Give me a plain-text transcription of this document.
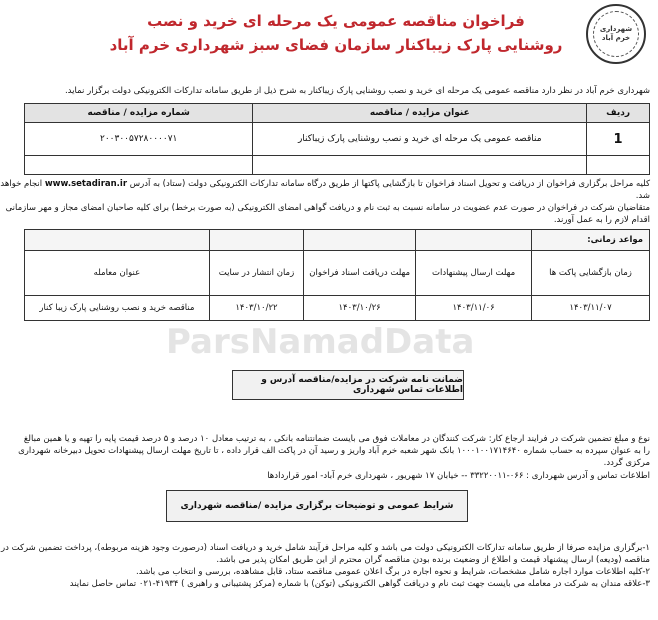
شهرداری خرم آباد
فراخوان مناقصه عمومی یک مرحله ای خرید و نصب
روشنایی پارک زیباکنار سازمان فضای سبز شهرداری خرم آباد
شهرداری خرم آباد در نظر دارد مناقصه عمومی یک مرحله ای خرید و نصب روشنایی پارک زیباکنار به شرح ذیل از طریق سامانه تدارکات الکترونیکی دولت برگزار نماید.
ردیف	عنوان مزایده / مناقصه	شماره مزایده / مناقصه
1	مناقصه عمومی یک مرحله ای خرید و نصب روشنایی پارک زیباکنار	۲۰۰۳۰۰۵۷۲۸۰۰۰۰۷۱

کلیه مراحل برگزاری فراخوان از دریافت و تحویل اسناد فراخوان تا بازگشایی پاکتها از طریق درگاه سامانه تدارکات الکترونیکی دولت (ستاد) به آدرس www.setadiran.ir انجام خواهد
شد.
متقاضیان شرکت در فراخوان در صورت عدم عضویت در سامانه نسبت به ثبت نام و دریافت گواهی امضای الکترونیکی (به صورت برخط) برای کلیه صاحبان امضای مجاز و مهر سازمانی
اقدام لازم را به عمل آورند.
مواعد زمانی:				
زمان بازگشایی پاکت ها	مهلت ارسال پیشنهادات	مهلت دریافت اسناد فراخوان	زمان انتشار در سایت	عنوان معامله
۱۴۰۳/۱۱/۰۷	۱۴۰۳/۱۱/۰۶	۱۴۰۳/۱۰/۲۶	۱۴۰۳/۱۰/۲۲	مناقصه خرید و نصب روشنایی پارک زیبا کنار
ParsNamadData
ضمانت نامه شرکت در مزایده/مناقصه آدرس و اطلاعات تماس شهرداری
نوع و مبلغ تضمین شرکت در فرایند ارجاع کار: شرکت کنندگان در معاملات فوق می بایست ضمانتنامه بانکی ، به ترتیب معادل ۱۰ درصد و ۵ درصد قیمت پایه را تهیه و یا همین مبالغ
را به عنوان سپرده به حساب شماره ۱۰۰۰۱۰۰۱۷۱۴۶۴۰ بانک شهر شعبه خرم آباد واریز و رسید آن در پاکت الف قرار داده ، تا تاریخ مهلت ارسال پیشنهادات تحویل دبیرخانه شهرداری
مرکزی گردد.
اطلاعات تماس و آدرس شهرداری : ۰۶۶-۳۳۲۲۰۰۱۱ -- خیابان ۱۷ شهریور ، شهرداری خرم آباد- امور قراردادها
شرایط عمومی و توضیحات برگزاری مزایده /مناقصه شهرداری
۱-برگزاری مزایده صرفا از طریق سامانه تدارکات الکترونیکی دولت می باشد و کلیه مراحل فرآیند شامل خرید و دریافت اسناد (درصورت وجود هزینه مربوطه)، پرداخت تضمین شرکت در
مناقصه (ودیعه) ارسال پیشنهاد قیمت و اطلاع از وضعیت برنده بودن مناقصه گران محترم از این طریق امکان پذیر می باشد.
۲-کلیه اطلاعات موارد اجاره شامل مشخصات، شرایط و نحوه اجاره در برگ اعلان عمومی مناقصه ستاد، قابل مشاهده، بررسی و انتخاب می باشد.
۳-علاقه مندان به شرکت در معامله می بایست جهت ثبت نام و دریافت گواهی الکترونیکی (توکن) با شماره (مرکز پشتیبانی و راهبری ) ۴۱۹۳۴-۰۲۱ تماس حاصل نمایند
